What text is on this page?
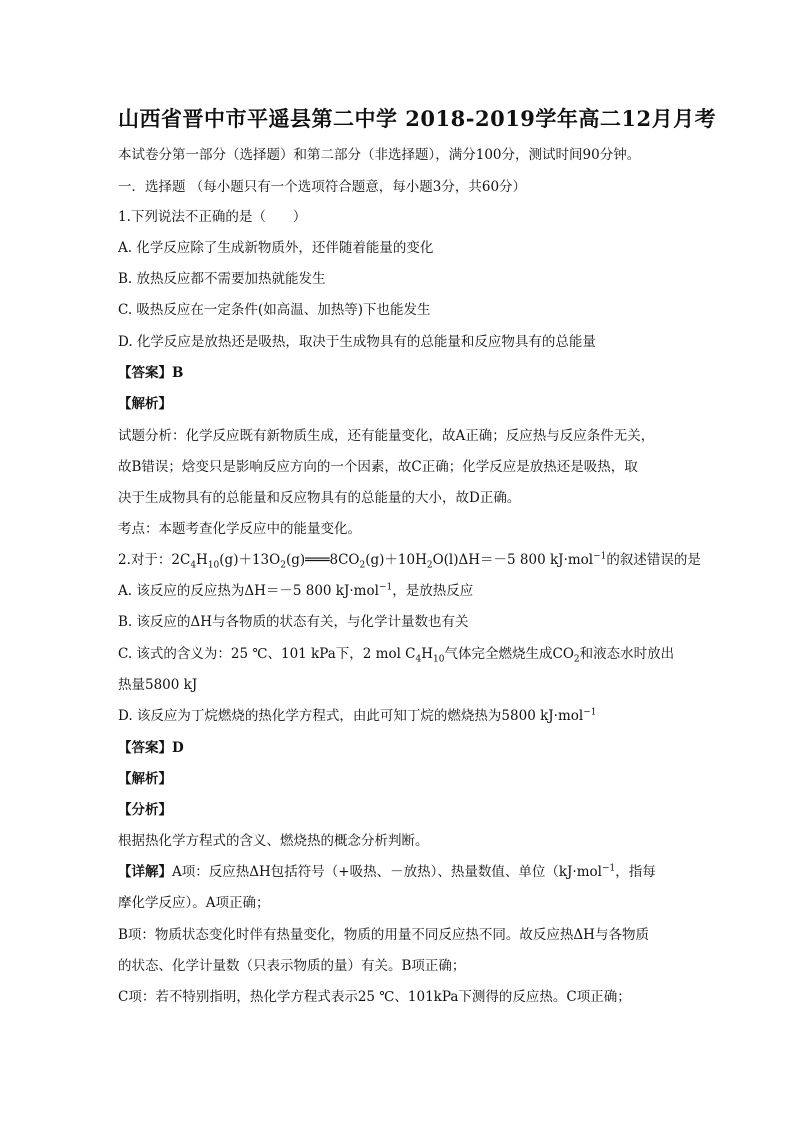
山西省晋中市平遥县第二中学 2018-2019学年高二12月月考
本试卷分第一部分（选择题）和第二部分（非选择题），满分100分，测试时间90分钟。
一．选择题 （每小题只有一个选项符合题意，每小题3分，共60分）
1.下列说法不正确的是（　　）
A. 化学反应除了生成新物质外，还伴随着能量的变化
B. 放热反应都不需要加热就能发生
C. 吸热反应在一定条件(如高温、加热等)下也能发生
D. 化学反应是放热还是吸热，取决于生成物具有的总能量和反应物具有的总能量
【答案】B
【解析】
试题分析：化学反应既有新物质生成，还有能量变化，故A正确；反应热与反应条件无关，
故B错误；焓变只是影响反应方向的一个因素，故C正确；化学反应是放热还是吸热，取
决于生成物具有的总能量和反应物具有的总能量的大小，故D正确。
考点：本题考查化学反应中的能量变化。
2.对于：$2C_4H_{10}(g)+13O_2(g)═══8CO_2(g)+10H_2O(l)\Delta H=-5$ 800 kJ·mol$^{-1}$的叙述错误的是
A. 该反应的反应热为ΔH＝－5 800 kJ·mol$^{-1}$，是放热反应
B. 该反应的ΔH与各物质的状态有关，与化学计量数也有关
C. 该式的含义为：25 ℃、101 kPa下，2 mol $C_4H_{10}$气体完全燃烧生成$CO_2$和液态水时放出
热量5800 kJ
D. 该反应为丁烷燃烧的热化学方程式，由此可知丁烷的燃烧热为5800 kJ·mol$^{-1}$
【答案】D
【解析】
【分析】
根据热化学方程式的含义、燃烧热的概念分析判断。
【详解】A项：反应热ΔH包括符号（+吸热、－放热）、热量数值、单位（kJ·mol$^{-1}$，指每
摩化学反应）。A项正确；
B项：物质状态变化时伴有热量变化，物质的用量不同反应热不同。故反应热ΔH与各物质
的状态、化学计量数（只表示物质的量）有关。B项正确；
C项：若不特别指明，热化学方程式表示25 ℃、101kPa下测得的反应热。C项正确；
